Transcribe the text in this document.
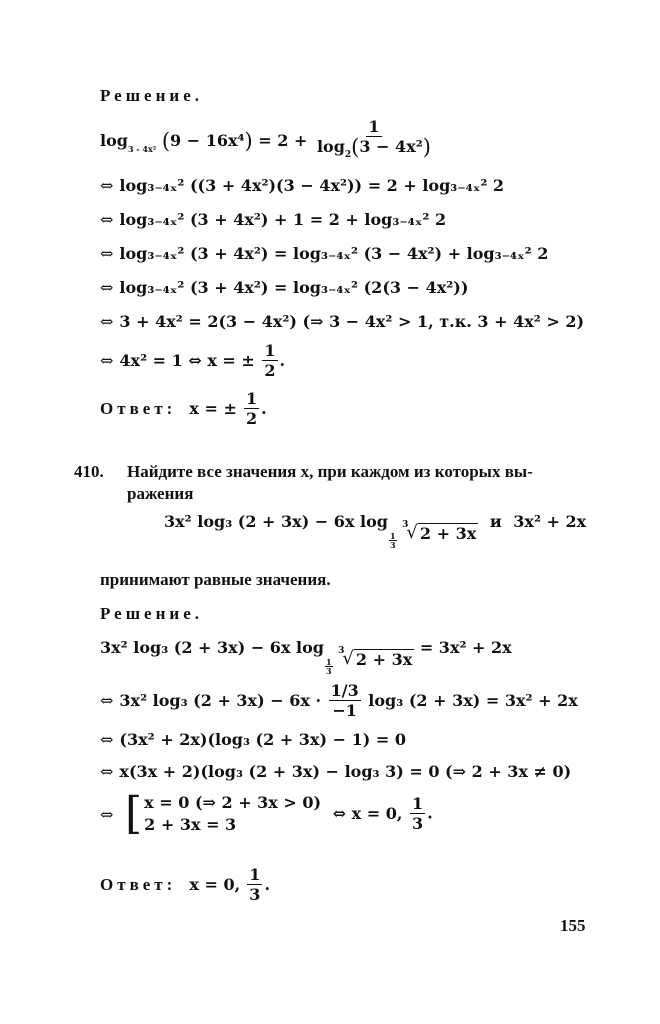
Решение.
$\log_{3 - 4x^2} (9 - 16x^4) = 2 + \frac{1}{\log_2(3 - 4x^2)}$
⇔ log₃₋₄ₓ² ((3 + 4x²)(3 − 4x²)) = 2 + log₃₋₄ₓ² 2
⇔ log₃₋₄ₓ² (3 + 4x²) + 1 = 2 + log₃₋₄ₓ² 2
⇔ log₃₋₄ₓ² (3 + 4x²) = log₃₋₄ₓ² (3 − 4x²) + log₃₋₄ₓ² 2
⇔ log₃₋₄ₓ² (3 + 4x²) = log₃₋₄ₓ² (2(3 − 4x²))
⇔ 3 + 4x² = 2(3 − 4x²) (⇒ 3 − 4x² > 1, т.к. 3 + 4x² > 2)
⇔ 4x² = 1 ⇔ x = ± $\frac{1}{2}$ .
Ответ: x = ± $\frac{1}{2}$ .
410. Найдите все значения x, при каждом из которых вы-
ражения
3x² log₃ (2 + 3x) − 6x log
$\frac{1}{3}$

3
√ 2 + 3x
и 3x² + 2x
принимают равные значения.
Решение.
3x² log₃ (2 + 3x) − 6x log
$\frac{1}{3}$

3
√ 2 + 3x
= 3x² + 2x
⇔ 3x² log₃ $(2 + 3x) - 6x \cdot \frac{1/3}{-1} \log_3$ (2 + 3x) = 3x² + 2x
⇔ (3x² + 2x)(log₃ (2 + 3x) − 1) = 0
⇔ x(3x + 2)(log₃ (2 + 3x) − log₃ 3) = 0 (⇒ 2 + 3x ≠ 0)
⇔ [ x = 0 (⇒ 2 + 3x > 0)
2 + 3x = 3
⇔ x = 0, $\frac{1}{3}$ .
Ответ: x = 0, $\frac{1}{3}$ .
155
